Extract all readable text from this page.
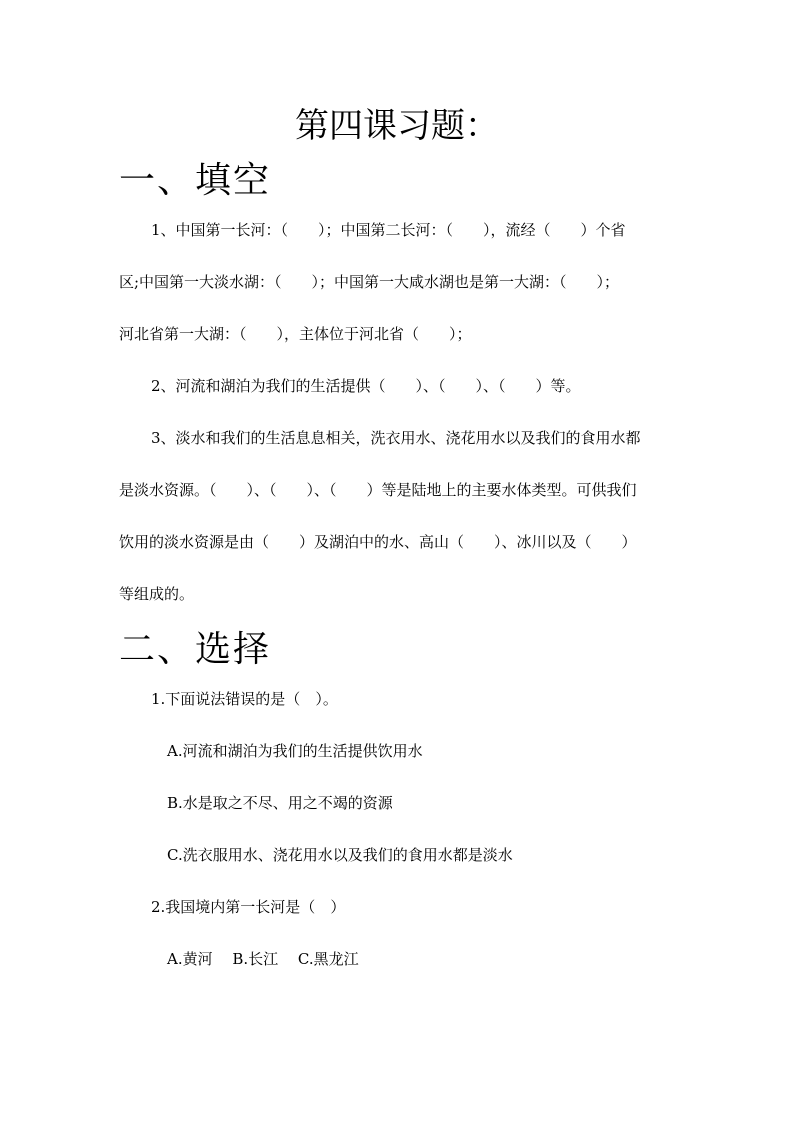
第四课习题：
一、填空
1、中国第一长河：（　　）；中国第二长河：（　　），流经（　　）个省
区;中国第一大淡水湖：（　　）；中国第一大咸水湖也是第一大湖：（　　）；
河北省第一大湖：（　　），主体位于河北省（　　）；
2、河流和湖泊为我们的生活提供（　　）、（　　）、（　　）等。
3、淡水和我们的生活息息相关，洗衣用水、浇花用水以及我们的食用水都
是淡水资源。（　　）、（　　）、（　　）等是陆地上的主要水体类型。可供我们
饮用的淡水资源是由（　　）及湖泊中的水、高山（　　）、冰川以及（　　）
等组成的。
二、选择
1.下面说法错误的是（　）。
A.河流和湖泊为我们的生活提供饮用水
B.水是取之不尽、用之不竭的资源
C.洗衣服用水、浇花用水以及我们的食用水都是淡水
2.我国境内第一长河是（　）
A.黄河　 B.长江　 C.黑龙江
